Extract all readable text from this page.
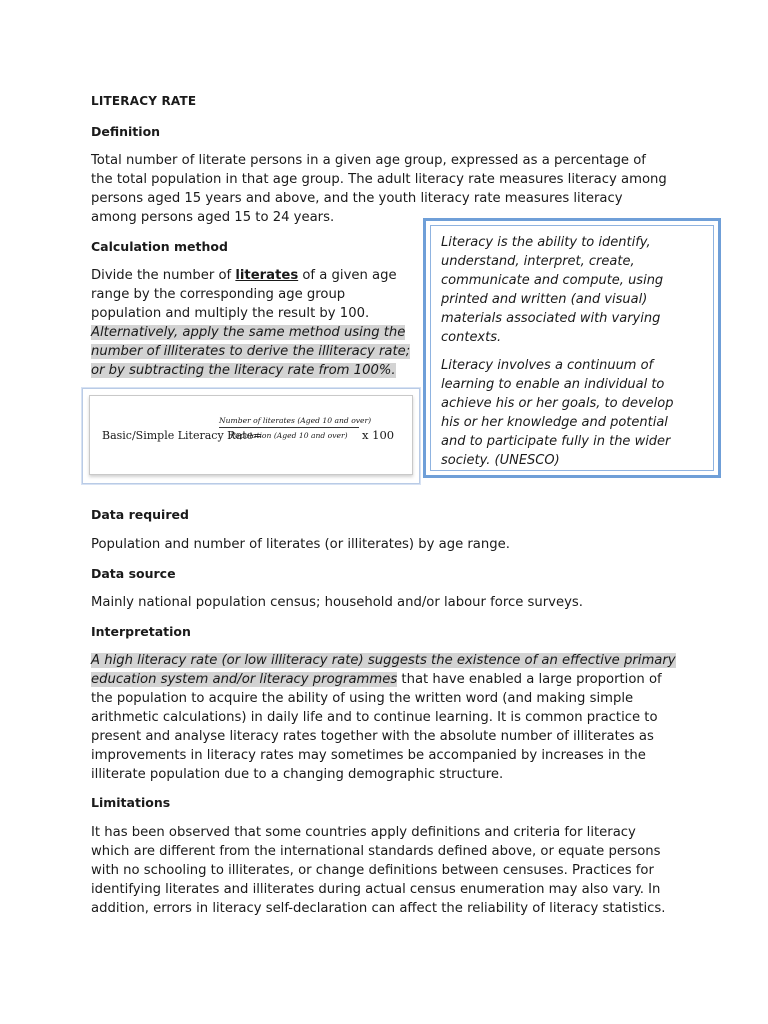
LITERACY RATE
Definition
Total number of literate persons in a given age group, expressed as a percentage of
the total population in that age group. The adult literacy rate measures literacy among
persons aged 15 years and above, and the youth literacy rate measures literacy
among persons aged 15 to 24 years.
Calculation method
Divide the number of literates of a given age
range by the corresponding age group
population and multiply the result by 100.
Alternatively, apply the same method using the
number of illiterates to derive the illiteracy rate;
or by subtracting the literacy rate from 100%.
Basic/Simple Literacy Rate=
Number of literates (Aged 10 and over)
Population (Aged 10 and over)	x 100

Literacy is the ability to identify,
understand, interpret, create,
communicate and compute, using
printed and written (and visual)
materials associated with varying
contexts.

Literacy involves a continuum of
learning to enable an individual to
achieve his or her goals, to develop
his or her knowledge and potential
and to participate fully in the wider
society. (UNESCO)

Data required
Population and number of literates (or illiterates) by age range.
Data source
Mainly national population census; household and/or labour force surveys.
Interpretation
A high literacy rate (or low illiteracy rate) suggests the existence of an effective primary
education system and/or literacy programmes that have enabled a large proportion of
the population to acquire the ability of using the written word (and making simple
arithmetic calculations) in daily life and to continue learning. It is common practice to
present and analyse literacy rates together with the absolute number of illiterates as
improvements in literacy rates may sometimes be accompanied by increases in the
illiterate population due to a changing demographic structure.
Limitations
It has been observed that some countries apply definitions and criteria for literacy
which are different from the international standards defined above, or equate persons
with no schooling to illiterates, or change definitions between censuses. Practices for
identifying literates and illiterates during actual census enumeration may also vary. In
addition, errors in literacy self-declaration can affect the reliability of literacy statistics.
